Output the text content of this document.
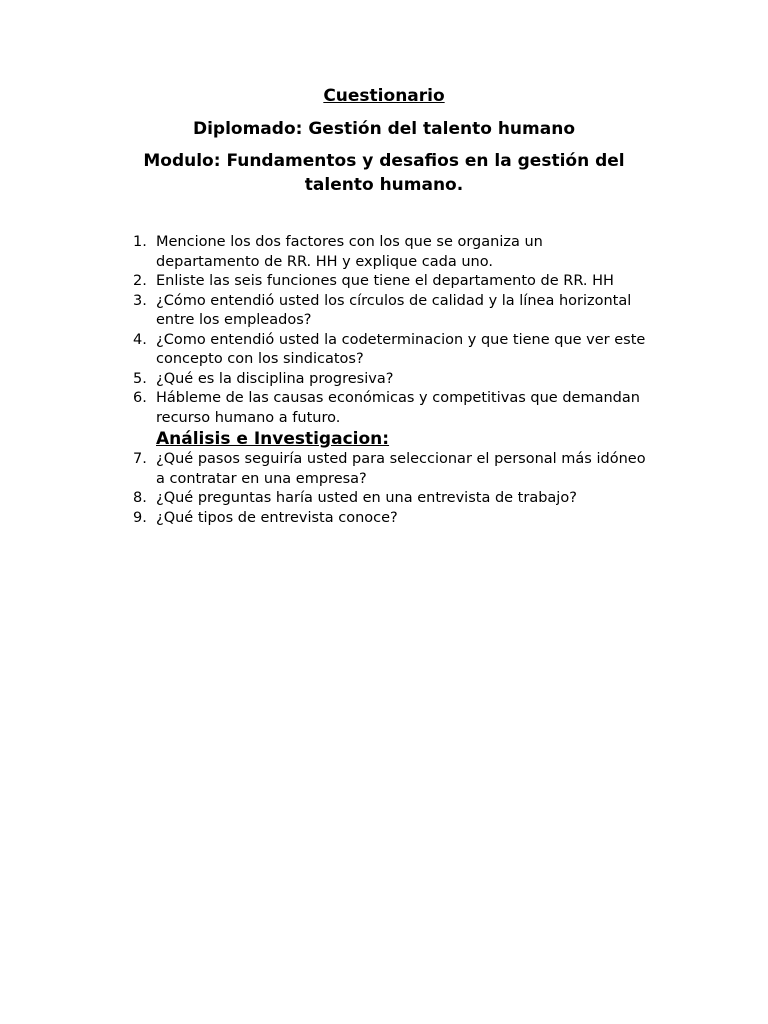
Cuestionario
Diplomado: Gestión del talento humano
Modulo: Fundamentos y desafios en la gestión del talento humano.
1. Mencione los dos factores con los que se organiza un departamento de RR. HH y explique cada uno.
2. Enliste las seis funciones que tiene el departamento de RR. HH
3. ¿Cómo entendió usted los círculos de calidad y la línea horizontal entre los empleados?
4. ¿Como entendió usted la codeterminacion y que tiene que ver este concepto con los sindicatos?
5. ¿Qué es la disciplina progresiva?
6. Hábleme de las causas económicas y competitivas que demandan recurso humano a futuro.
Análisis e Investigacion:
7. ¿Qué pasos seguiría usted para seleccionar el personal más idóneo a contratar en una empresa?
8. ¿Qué preguntas haría usted en una entrevista de trabajo?
9. ¿Qué tipos de entrevista conoce?
